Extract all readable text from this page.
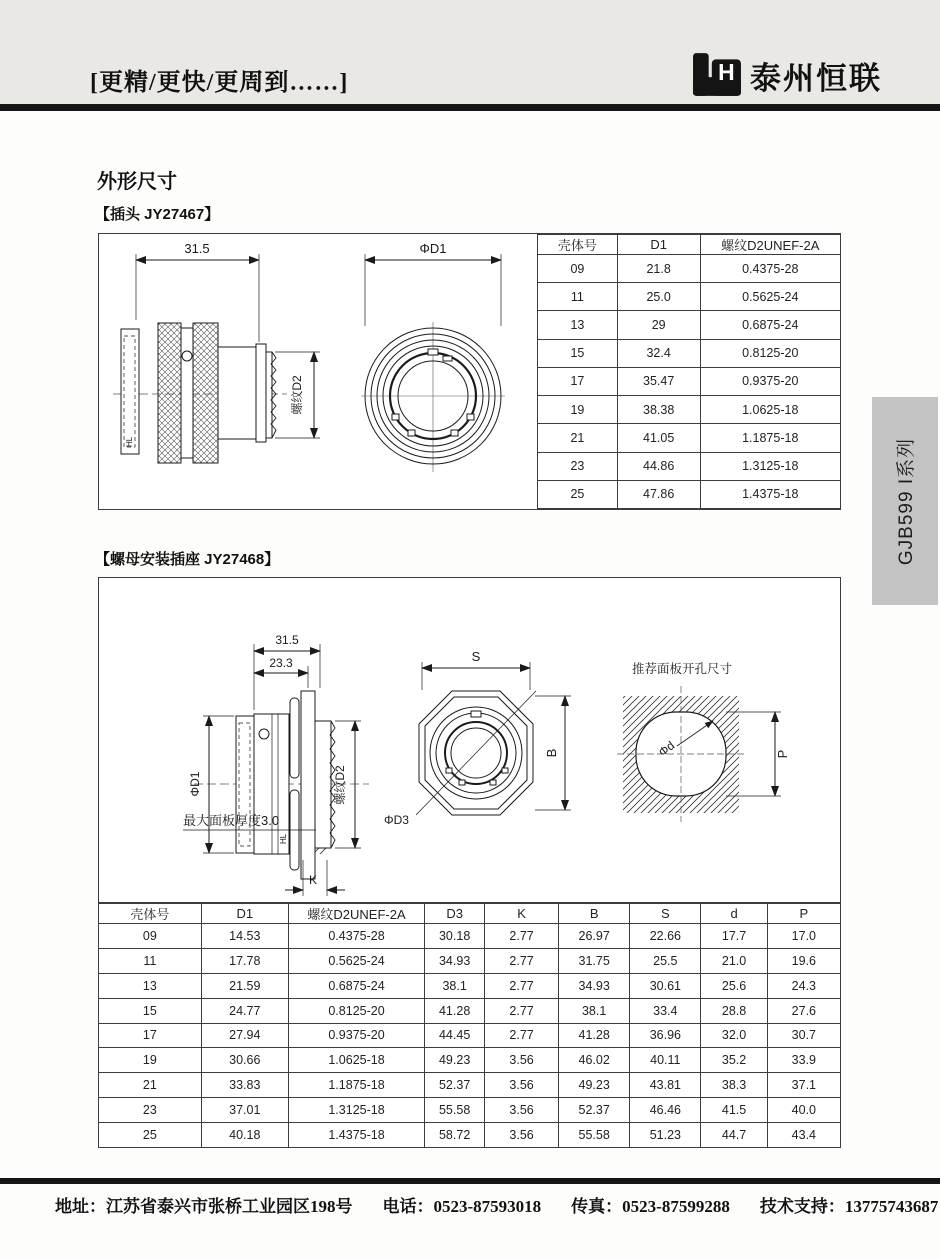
[更精/更快/更周到……]	H 泰州恒联
GJB599 I系列
外形尺寸
【插头 JY27467】
31.5
HL
螺纹D2
ΦD1	壳体号	D1	螺纹D2UNEF-2A
09	21.8	0.4375-28
11	25.0	0.5625-24
13	29	0.6875-24
15	32.4	0.8125-20
17	35.47	0.9375-20
19	38.38	1.0625-18
21	41.05	1.1875-18
23	44.86	1.3125-18
25	47.86	1.4375-18
【螺母安装插座 JY27468】
31.5
23.3
ΦD1
HL
螺纹D2
最大面板厚度3.0
K
S
B
ΦD3
推荐面板开孔尺寸
Φd	P
壳体号	D1	螺纹D2UNEF-2A	D3	K	B	S	d	P
09	14.53	0.4375-28	30.18	2.77	26.97	22.66	17.7	17.0
11	17.78	0.5625-24	34.93	2.77	31.75	25.5	21.0	19.6
13	21.59	0.6875-24	38.1	2.77	34.93	30.61	25.6	24.3
15	24.77	0.8125-20	41.28	2.77	38.1	33.4	28.8	27.6
17	27.94	0.9375-20	44.45	2.77	41.28	36.96	32.0	30.7
19	30.66	1.0625-18	49.23	3.56	46.02	40.11	35.2	33.9
21	33.83	1.1875-18	52.37	3.56	49.23	43.81	38.3	37.1
23	37.01	1.3125-18	55.58	3.56	52.37	46.46	41.5	40.0
25	40.18	1.4375-18	58.72	3.56	55.58	51.23	44.7	43.4
地址：江苏省泰兴市张桥工业园区198号 电话：0523-87593018 传真：0523-87599288 技术支持：13775743687
